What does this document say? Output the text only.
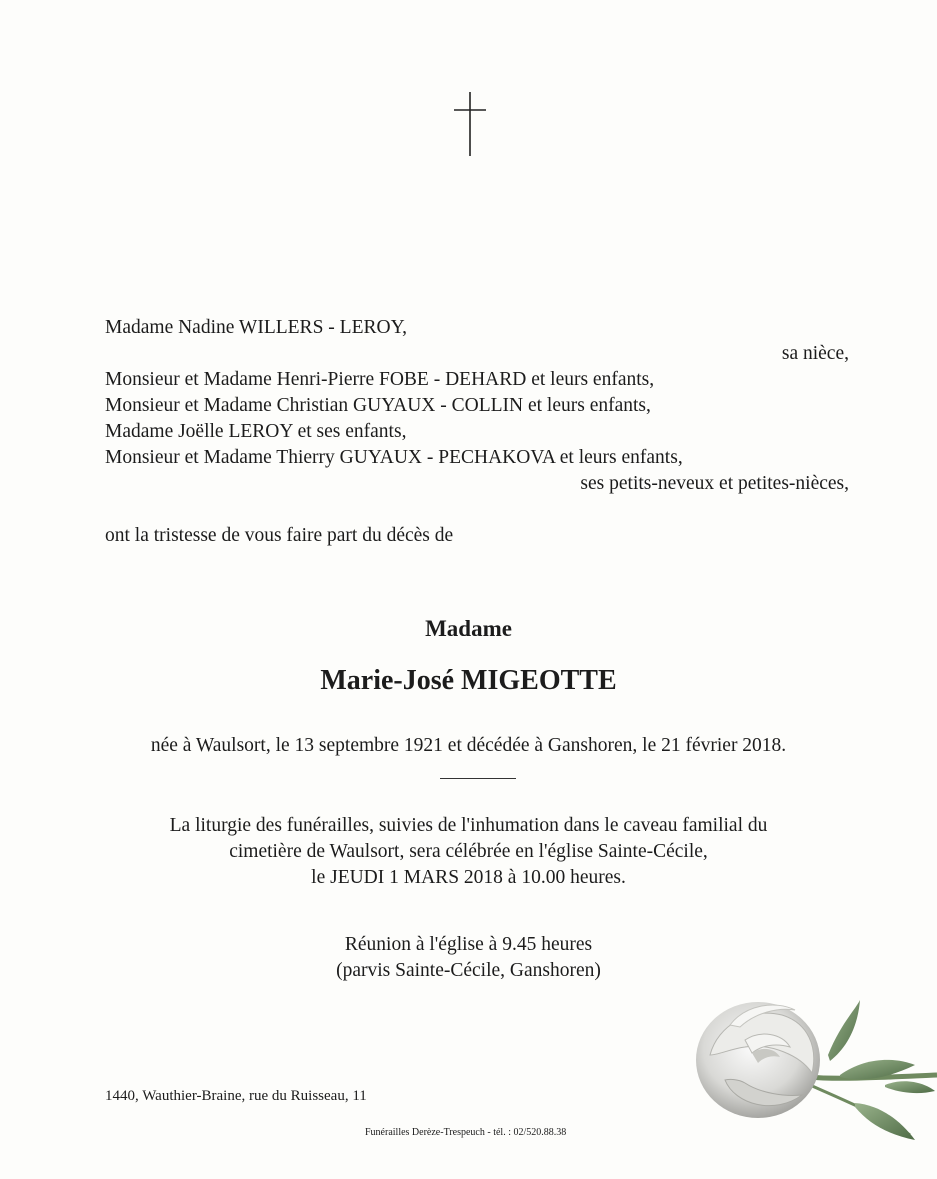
Madame Nadine WILLERS - LEROY,
sa nièce,
Monsieur et Madame Henri-Pierre FOBE - DEHARD et leurs enfants,
Monsieur et Madame Christian GUYAUX - COLLIN et leurs enfants,
Madame Joëlle LEROY et ses enfants,
Monsieur et Madame Thierry GUYAUX - PECHAKOVA et leurs enfants,
ses petits-neveux et petites-nièces,
ont la tristesse de vous faire part du décès de
Madame
Marie-José MIGEOTTE
née à Waulsort, le 13 septembre 1921 et décédée à Ganshoren, le 21 février 2018.
La liturgie des funérailles, suivies de l'inhumation dans le caveau familial du
cimetière de Waulsort, sera célébrée en l'église Sainte-Cécile,
le JEUDI 1 MARS 2018 à 10.00 heures.
Réunion à l'église à 9.45 heures
(parvis Sainte-Cécile, Ganshoren)
1440, Wauthier-Braine, rue du Ruisseau, 11
Funérailles Derèze-Trespeuch - tél. : 02/520.88.38
